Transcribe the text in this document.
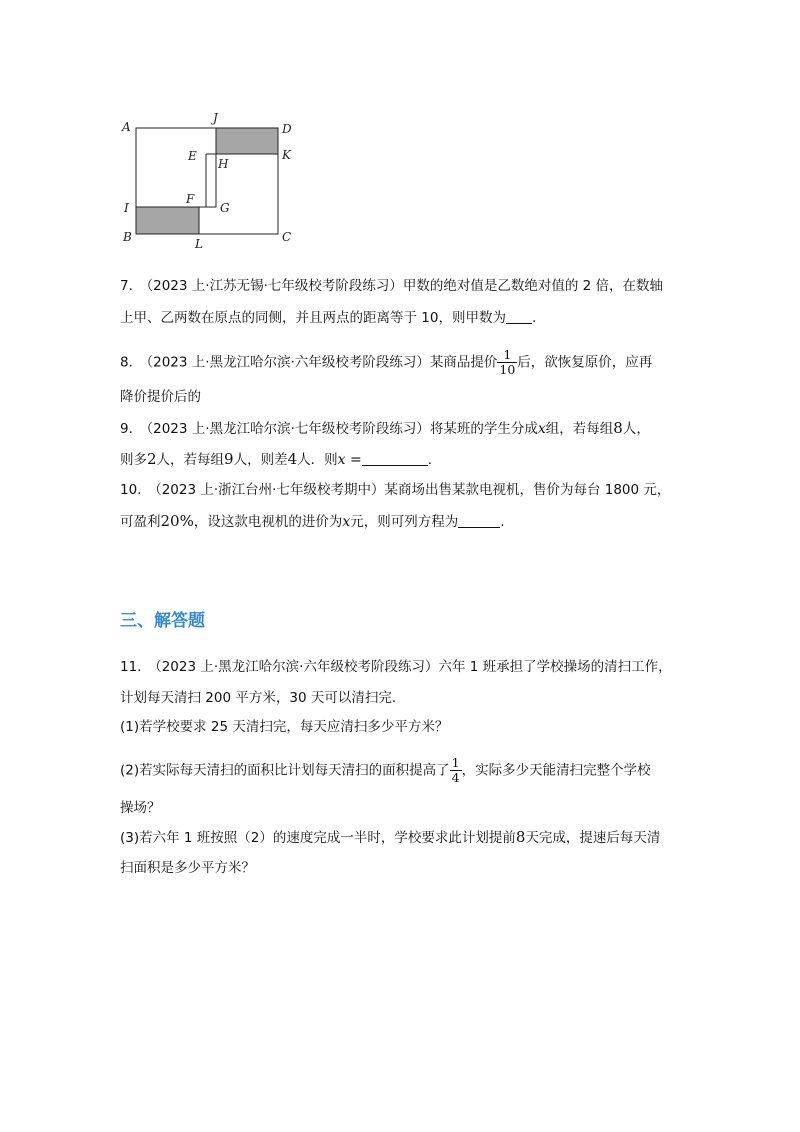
A
J
D
E
H
K
I
F
G
B	L	C
7.　（2023 上·江苏无锡·七年级校考阶段练习）甲数的绝对值是乙数绝对值的 2 倍，在数轴
上甲、乙两数在原点的同侧，并且两点的距离等于 10，则甲数为 .
8.　（2023 上·黑龙江哈尔滨·六年级校考阶段练习）某商品提价 $\frac{1}{10}$ 后，欲恢复原价，应再
降价提价后的
9.　（2023 上·黑龙江哈尔滨·七年级校考阶段练习）将某班的学生分成x组，若每组8人，
则多2人，若每组9人，则差4人．则x =	.
10.　（2023 上·浙江台州·七年级校考期中）某商场出售某款电视机，售价为每台 1800 元，
可盈利20%，设这款电视机的进价为x元，则可列方程为	.
三、解答题
11.　（2023 上·黑龙江哈尔滨·六年级校考阶段练习）六年 1 班承担了学校操场的清扫工作，
计划每天清扫 200 平方米，30 天可以清扫完．
(1)若学校要求 25 天清扫完，每天应清扫多少平方米？
(2)若实际每天清扫的面积比计划每天清扫的面积提高了 $\frac{1}{4}$ ，实际多少天能清扫完整个学校
操场？
(3)若六年 1 班按照（2）的速度完成一半时，学校要求此计划提前8天完成，提速后每天清
扫面积是多少平方米？
